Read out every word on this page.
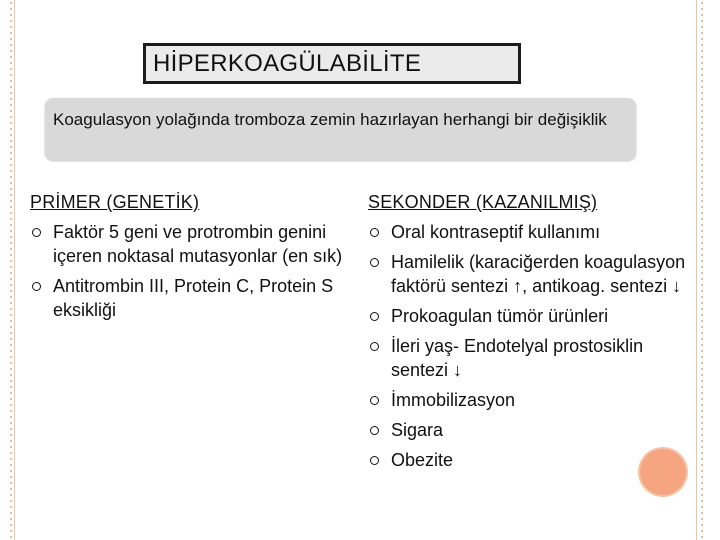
HİPERKOAGÜLABİLİTE
Koagulasyon yolağında tromboza zemin hazırlayan herhangi bir değişiklik
PRİMER (GENETİK)
Faktör 5 geni ve protrombin genini içeren noktasal mutasyonlar (en sık)
Antitrombin III, Protein C, Protein S eksikliği
SEKONDER (KAZANILMIŞ)
Oral kontraseptif kullanımı
Hamilelik (karaciğerden koagulasyon faktörü sentezi ↑, antikoag. sentezi ↓
Prokoagulan tümör ürünleri
İleri yaş- Endotelyal prostosiklin sentezi ↓
İmmobilizasyon
Sigara
Obezite
